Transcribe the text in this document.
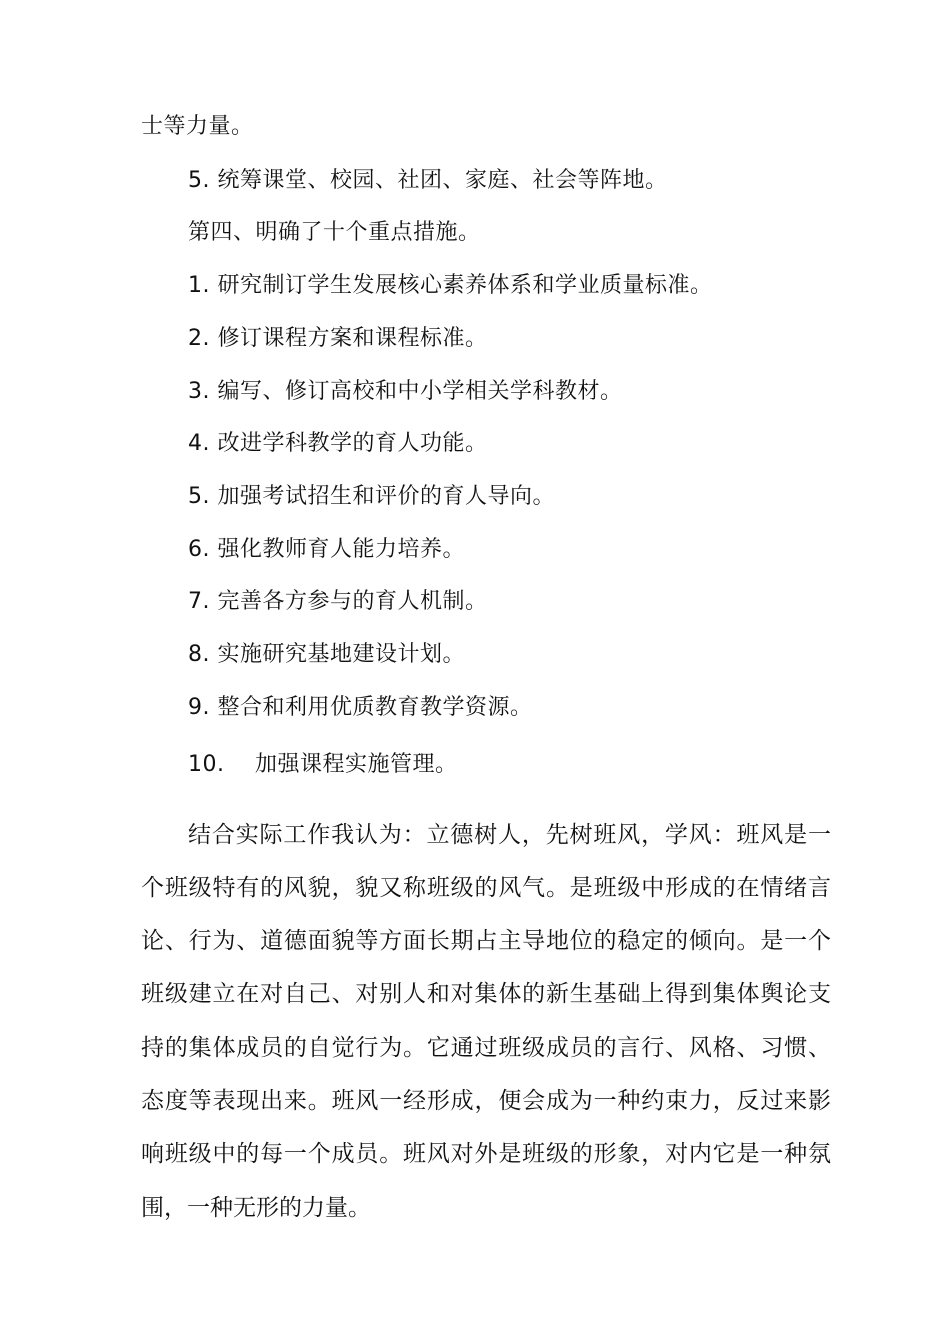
士等力量。
5. 统筹课堂、校园、社团、家庭、社会等阵地。
第四、明确了十个重点措施。
1. 研究制订学生发展核心素养体系和学业质量标准。
2. 修订课程方案和课程标准。
3. 编写、修订高校和中小学相关学科教材。
4. 改进学科教学的育人功能。
5. 加强考试招生和评价的育人导向。
6. 强化教师育人能力培养。
7. 完善各方参与的育人机制。
8. 实施研究基地建设计划。
9. 整合和利用优质教育教学资源。
10. 加强课程实施管理。
结合实际工作我认为：立德树人，先树班风，学风：班风是一
个班级特有的风貌，貌又称班级的风气。是班级中形成的在情绪言
论、行为、道德面貌等方面长期占主导地位的稳定的倾向。是一个
班级建立在对自己、对别人和对集体的新生基础上得到集体舆论支
持的集体成员的自觉行为。它通过班级成员的言行、风格、习惯、
态度等表现出来。班风一经形成，便会成为一种约束力，反过来影
响班级中的每一个成员。班风对外是班级的形象，对内它是一种氛
围，一种无形的力量。
